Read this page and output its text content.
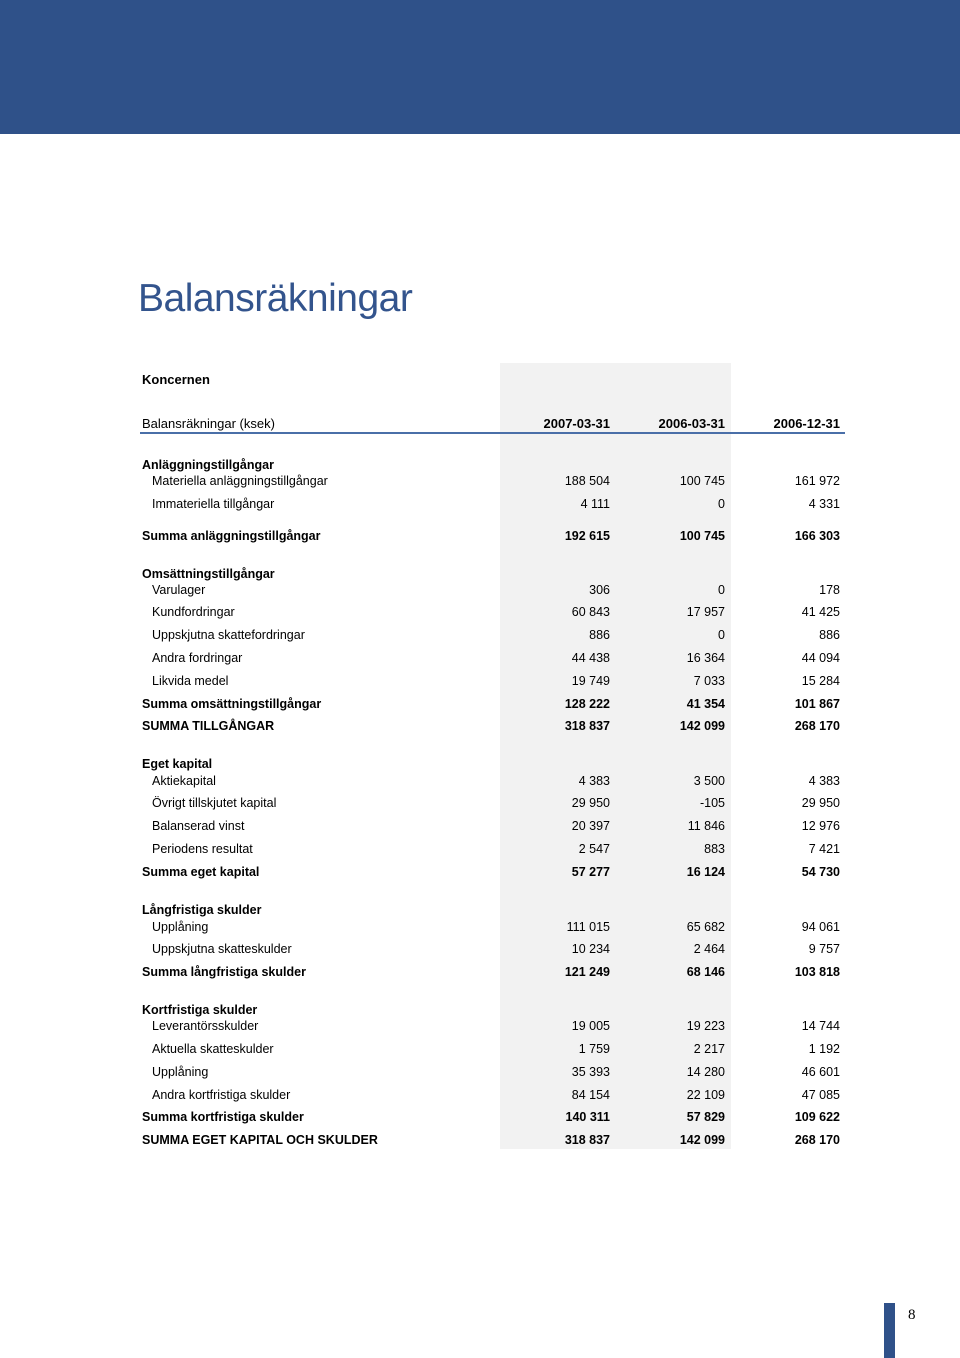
Balansräkningar
Koncernen
Balansräkningar (ksek)	2007-03-31	2006-03-31	2006-12-31
Anläggningstillgångar
Materiella anläggningstillgångar	188 504	100 745	161 972
Immateriella tillgångar	4 111	0	4 331
Summa anläggningstillgångar	192 615	100 745	166 303
Omsättningstillgångar
Varulager	306	0	178
Kundfordringar	60 843	17 957	41 425
Uppskjutna skattefordringar	886	0	886
Andra fordringar	44 438	16 364	44 094
Likvida medel	19 749	7 033	15 284
Summa omsättningstillgångar	128 222	41 354	101 867
SUMMA TILLGÅNGAR	318 837	142 099	268 170
Eget kapital
Aktiekapital	4 383	3 500	4 383
Övrigt tillskjutet kapital	29 950	-105	29 950
Balanserad vinst	20 397	11 846	12 976
Periodens resultat	2 547	883	7 421
Summa eget kapital	57 277	16 124	54 730
Långfristiga skulder
Upplåning	111 015	65 682	94 061
Uppskjutna skatteskulder	10 234	2 464	9 757
Summa långfristiga skulder	121 249	68 146	103 818
Kortfristiga skulder
Leverantörsskulder	19 005	19 223	14 744
Aktuella skatteskulder	1 759	2 217	1 192
Upplåning	35 393	14 280	46 601
Andra kortfristiga skulder	84 154	22 109	47 085
Summa kortfristiga skulder	140 311	57 829	109 622
SUMMA EGET KAPITAL OCH SKULDER	318 837	142 099	268 170
8
